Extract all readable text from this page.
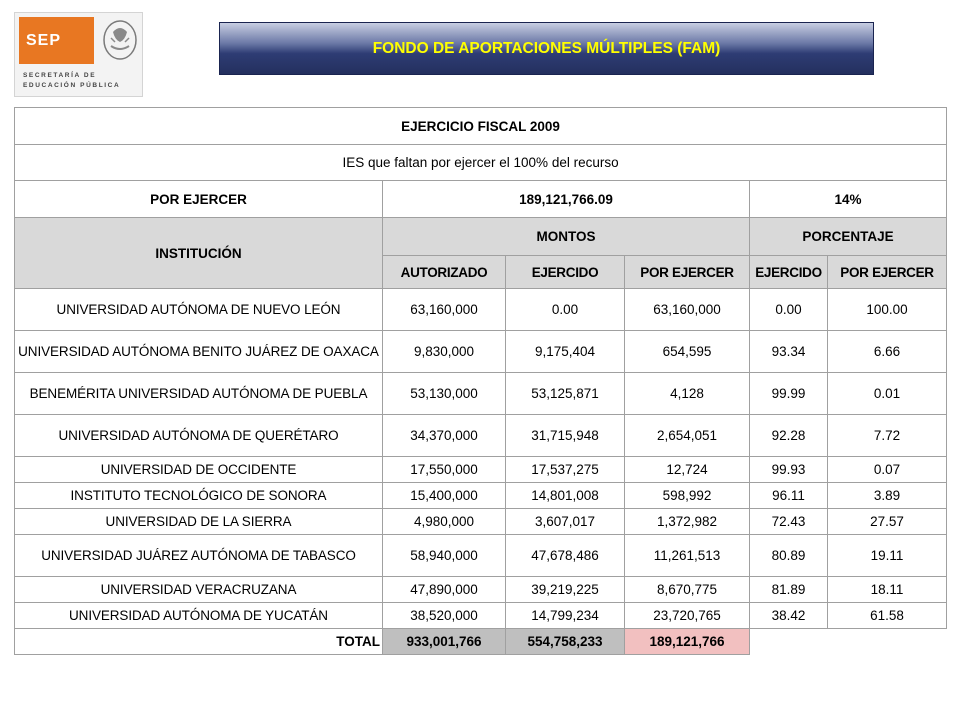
SEP
SECRETARÍA DE
EDUCACIÓN PÚBLICA
FONDO DE APORTACIONES MÚLTIPLES (FAM)
EJERCICIO FISCAL 2009					
IES que faltan por ejercer el 100% del recurso					
POR EJERCER	189,121,766.09			14%	
INSTITUCIÓN	MONTOS			PORCENTAJE	
	AUTORIZADO	EJERCIDO	POR EJERCER	EJERCIDO	POR EJERCER
UNIVERSIDAD AUTÓNOMA DE NUEVO LEÓN	63,160,000	0.00	63,160,000	0.00	100.00
UNIVERSIDAD AUTÓNOMA BENITO JUÁREZ DE OAXACA	9,830,000	9,175,404	654,595	93.34	6.66
BENEMÉRITA UNIVERSIDAD AUTÓNOMA DE PUEBLA	53,130,000	53,125,871	4,128	99.99	0.01
UNIVERSIDAD AUTÓNOMA DE QUERÉTARO	34,370,000	31,715,948	2,654,051	92.28	7.72
UNIVERSIDAD DE OCCIDENTE	17,550,000	17,537,275	12,724	99.93	0.07
INSTITUTO TECNOLÓGICO DE SONORA	15,400,000	14,801,008	598,992	96.11	3.89
UNIVERSIDAD DE LA SIERRA	4,980,000	3,607,017	1,372,982	72.43	27.57
UNIVERSIDAD JUÁREZ AUTÓNOMA DE TABASCO	58,940,000	47,678,486	11,261,513	80.89	19.11
UNIVERSIDAD VERACRUZANA	47,890,000	39,219,225	8,670,775	81.89	18.11
UNIVERSIDAD AUTÓNOMA DE YUCATÁN	38,520,000	14,799,234	23,720,765	38.42	61.58
TOTAL	933,001,766	554,758,233	189,121,766		
